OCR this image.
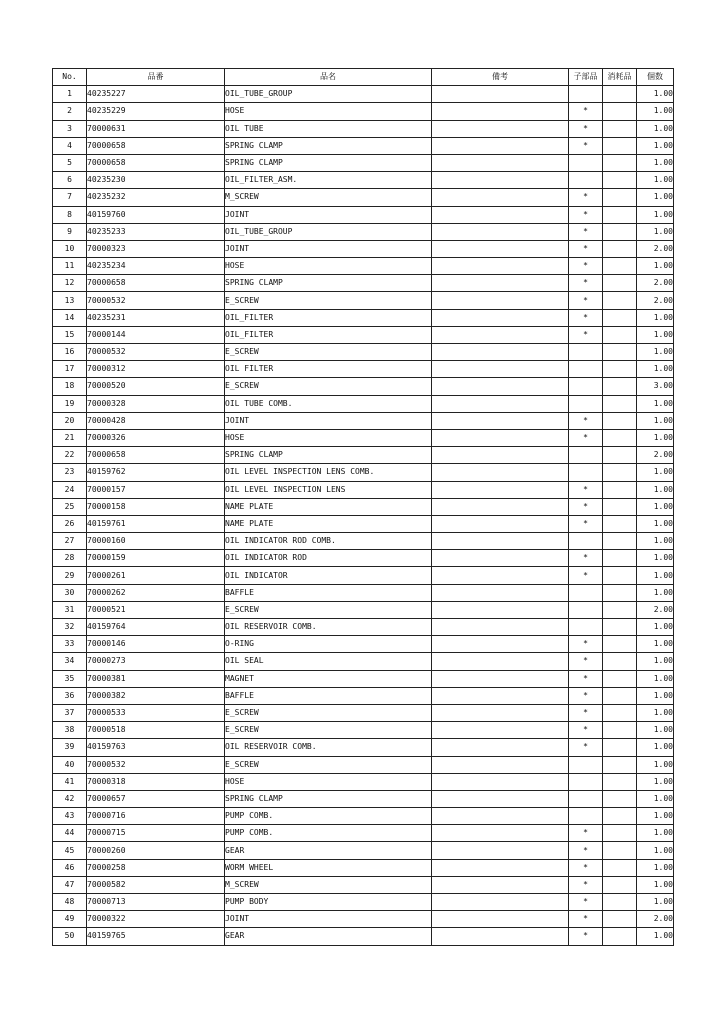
No.	品番	品名	備考	子部品	消耗品	個数
1	40235227	OIL_TUBE_GROUP				1.00
2	40235229	HOSE		*		1.00
3	70000631	OIL TUBE		*		1.00
4	70000658	SPRING CLAMP		*		1.00
5	70000658	SPRING CLAMP				1.00
6	40235230	OIL_FILTER_ASM.				1.00
7	40235232	M_SCREW		*		1.00
8	40159760	JOINT		*		1.00
9	40235233	OIL_TUBE_GROUP		*		1.00
10	70000323	JOINT		*		2.00
11	40235234	HOSE		*		1.00
12	70000658	SPRING CLAMP		*		2.00
13	70000532	E_SCREW		*		2.00
14	40235231	OIL_FILTER		*		1.00
15	70000144	OIL_FILTER		*		1.00
16	70000532	E_SCREW				1.00
17	70000312	OIL FILTER				1.00
18	70000520	E_SCREW				3.00
19	70000328	OIL TUBE COMB.				1.00
20	70000428	JOINT		*		1.00
21	70000326	HOSE		*		1.00
22	70000658	SPRING CLAMP				2.00
23	40159762	OIL LEVEL INSPECTION LENS COMB.				1.00
24	70000157	OIL LEVEL INSPECTION LENS		*		1.00
25	70000158	NAME PLATE		*		1.00
26	40159761	NAME PLATE		*		1.00
27	70000160	OIL INDICATOR ROD COMB.				1.00
28	70000159	OIL INDICATOR ROD		*		1.00
29	70000261	OIL INDICATOR		*		1.00
30	70000262	BAFFLE				1.00
31	70000521	E_SCREW				2.00
32	40159764	OIL RESERVOIR COMB.				1.00
33	70000146	O-RING		*		1.00
34	70000273	OIL SEAL		*		1.00
35	70000381	MAGNET		*		1.00
36	70000382	BAFFLE		*		1.00
37	70000533	E_SCREW		*		1.00
38	70000518	E_SCREW		*		1.00
39	40159763	OIL RESERVOIR COMB.		*		1.00
40	70000532	E_SCREW				1.00
41	70000318	HOSE				1.00
42	70000657	SPRING CLAMP				1.00
43	70000716	PUMP COMB.				1.00
44	70000715	PUMP COMB.		*		1.00
45	70000260	GEAR		*		1.00
46	70000258	WORM WHEEL		*		1.00
47	70000582	M_SCREW		*		1.00
48	70000713	PUMP BODY		*		1.00
49	70000322	JOINT		*		2.00
50	40159765	GEAR		*		1.00
